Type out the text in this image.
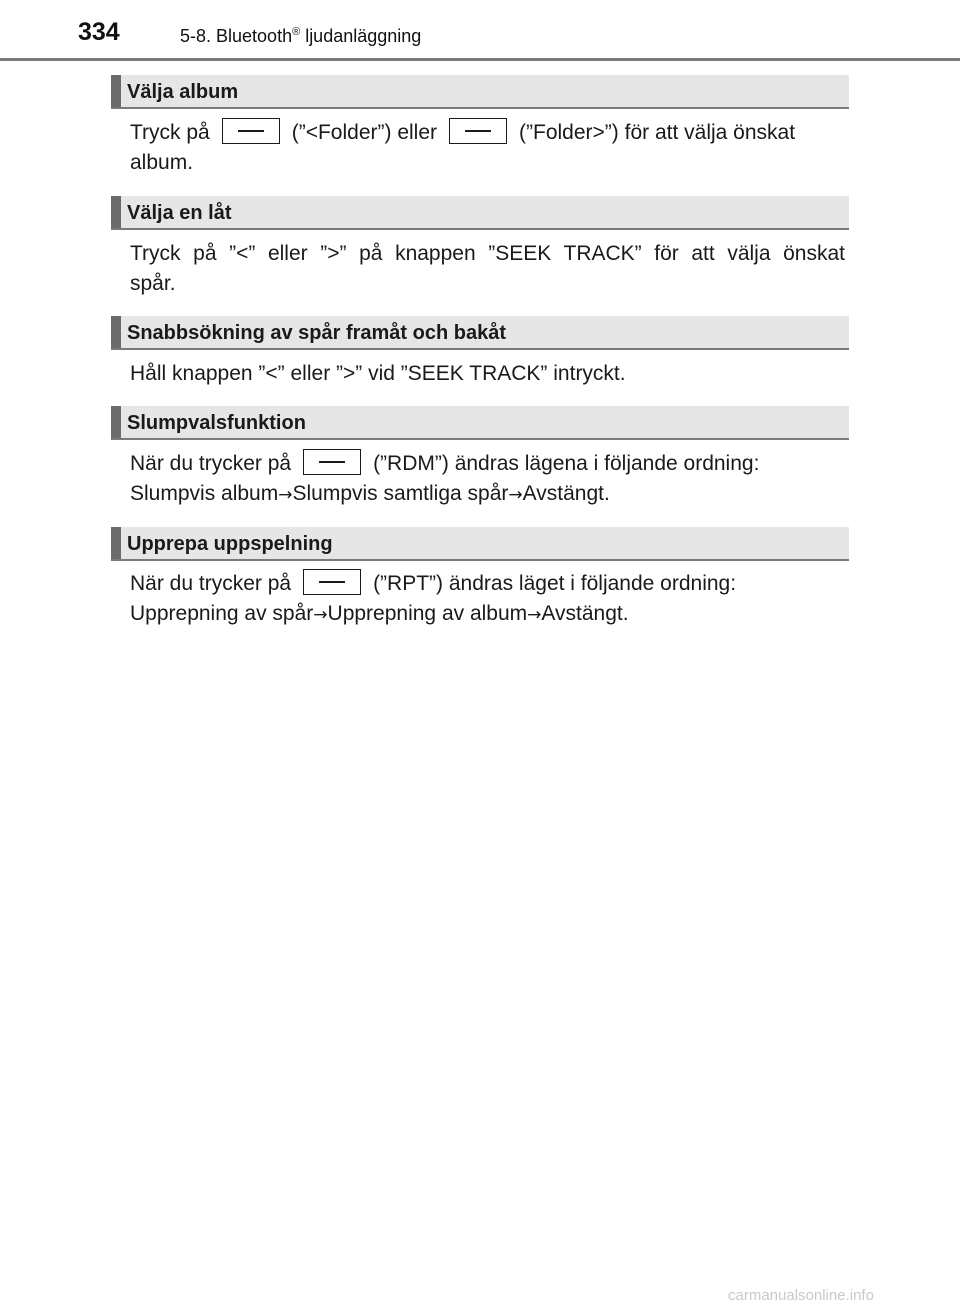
334	5-8. Bluetooth® ljudanläggning
Välja album
Tryck på	(”<Folder”) eller	(”Folder>”) för att välja önskat
album.
Välja en låt
Tryck på ”<” eller ”>” på knappen ”SEEK TRACK” för att välja önskat
spår.
Snabbsökning av spår framåt och bakåt
Håll knappen ”<” eller ”>” vid ”SEEK TRACK” intryckt.
Slumpvalsfunktion
När du trycker på	(”RDM”) ändras lägena i följande ordning:
Slumpvis album→Slumpvis samtliga spår→Avstängt.
Upprepa uppspelning
När du trycker på	(”RPT”) ändras läget i följande ordning:
Upprepning av spår→Upprepning av album→Avstängt.
carmanualsonline.info
